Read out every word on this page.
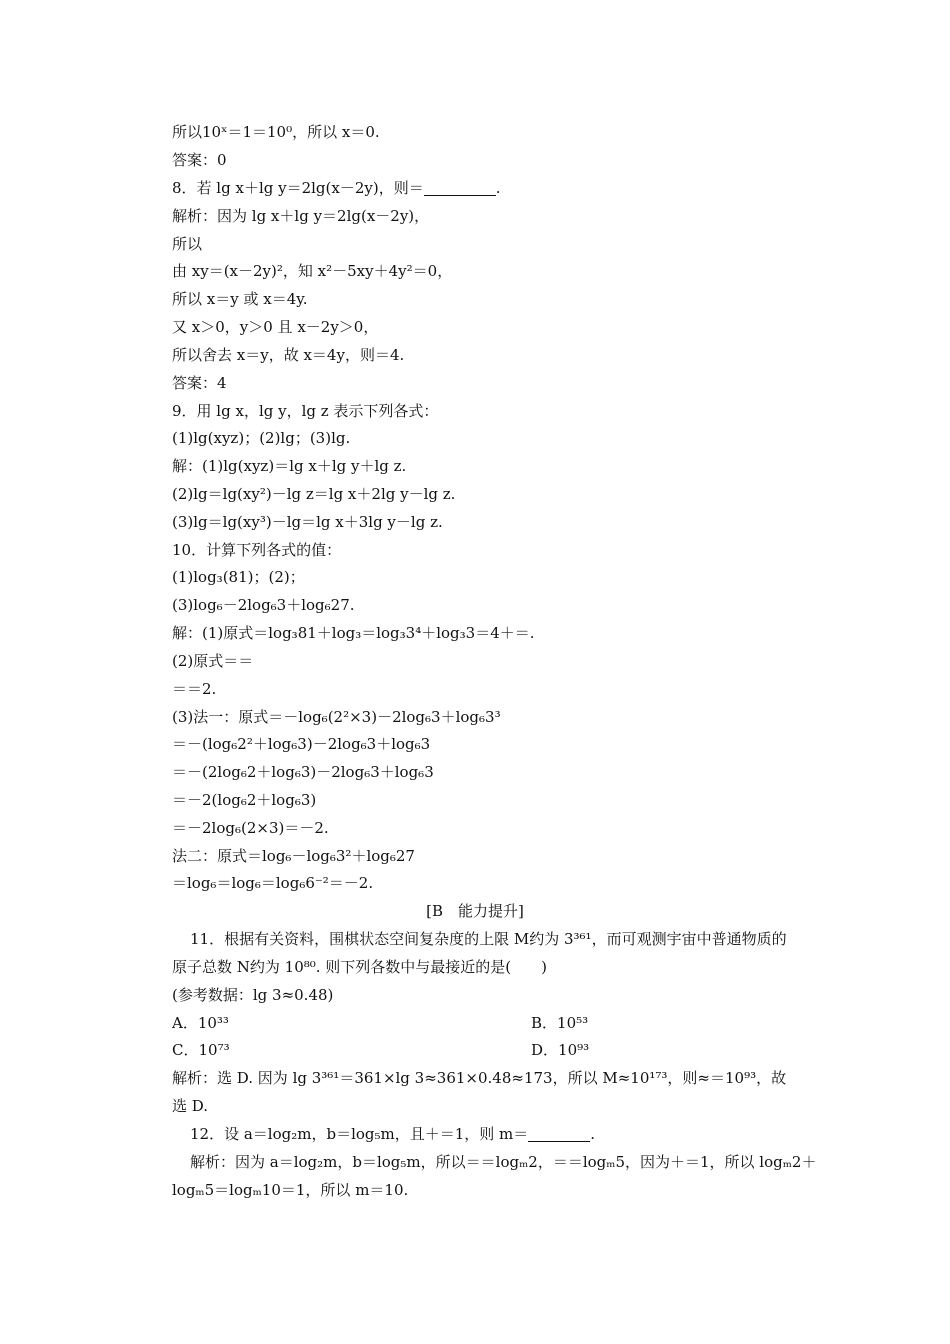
所以10ˣ＝1＝10⁰，所以 x＝0.
答案：0
8．若 lg x＋lg y＝2lg(x－2y)，则＝	.
解析：因为 lg x＋lg y＝2lg(x－2y)，
所以
由 xy＝(x－2y)²，知 x²－5xy＋4y²＝0，
所以 x＝y 或 x＝4y.
又 x＞0，y＞0 且 x－2y＞0，
所以舍去 x＝y，故 x＝4y，则＝4.
答案：4
9．用 lg x，lg y，lg z 表示下列各式：
(1)lg(xyz)；(2)lg；(3)lg.
解：(1)lg(xyz)＝lg x＋lg y＋lg z.
(2)lg＝lg(xy²)－lg z＝lg x＋2lg y－lg z.
(3)lg＝lg(xy³)－lg＝lg x＋3lg y－lg z.
10．计算下列各式的值：
(1)log₃(81)；(2)；
(3)log₆－2log₆3＋log₆27.
解：(1)原式＝log₃81＋log₃＝log₃3⁴＋log₃3＝4＋＝.
(2)原式＝＝
＝＝2.
(3)法一：原式＝－log₆(2²×3)－2log₆3＋log₆3³
＝－(log₆2²＋log₆3)－2log₆3＋log₆3
＝－(2log₆2＋log₆3)－2log₆3＋log₆3
＝－2(log₆2＋log₆3)
＝－2log₆(2×3)＝－2.
法二：原式＝log₆－log₆3²＋log₆27
＝log₆＝log₆＝log₆6⁻²＝－2.
[B　能力提升]
11．根据有关资料，围棋状态空间复杂度的上限 M约为 3³⁶¹，而可观测宇宙中普通物质的
原子总数 N约为 10⁸⁰. 则下列各数中与最接近的是(　　)
(参考数据：lg 3≈0.48)
A．10³³	B．10⁵³
C．10⁷³	D．10⁹³
解析：选 D. 因为 lg 3³⁶¹＝361×lg 3≈361×0.48≈173，所以 M≈10¹⁷³，则≈＝10⁹³，故
选 D.
12．设 a＝log₂m，b＝log₅m，且＋＝1，则 m＝	.
解析：因为 a＝log₂m，b＝log₅m，所以＝＝logₘ2，＝＝logₘ5，因为＋＝1，所以 logₘ2＋
logₘ5＝logₘ10＝1，所以 m＝10.
